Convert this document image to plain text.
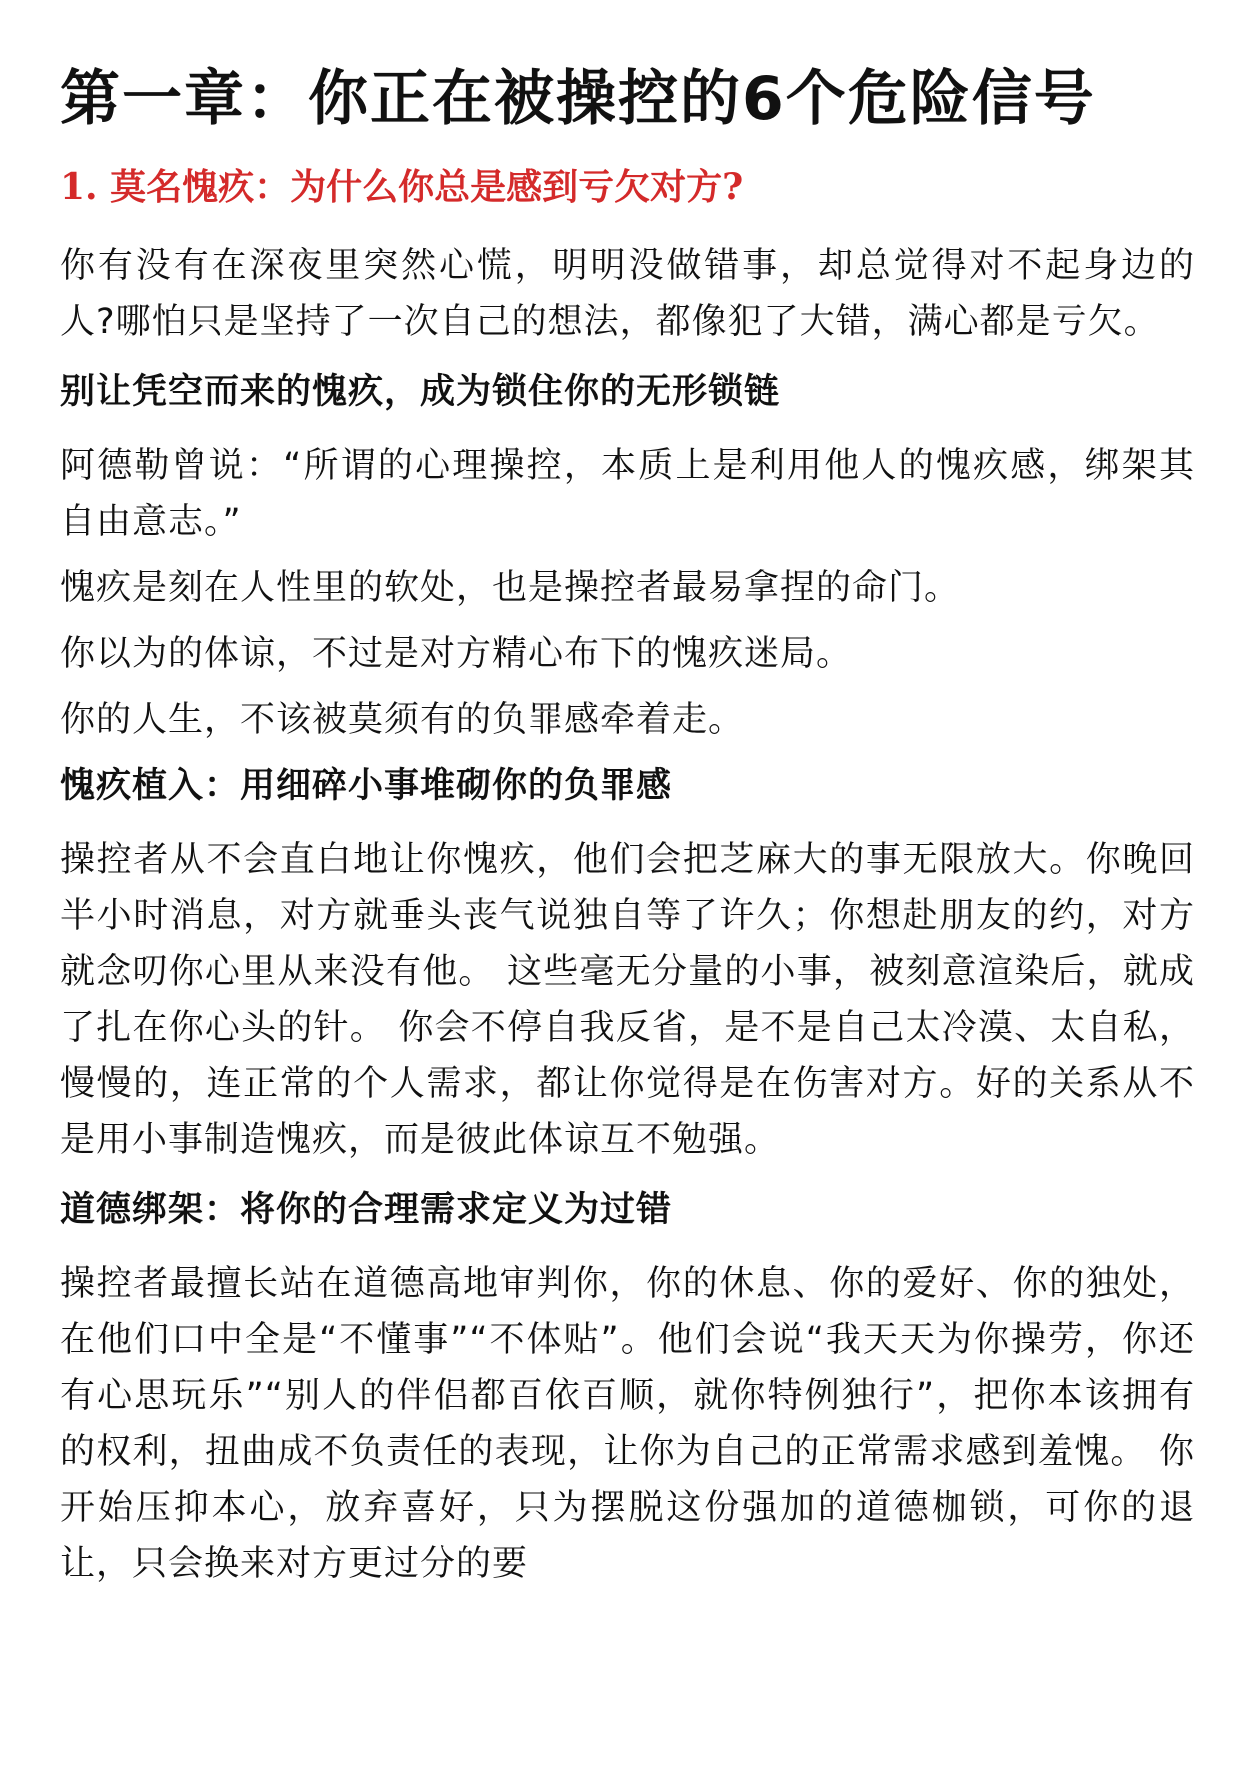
第一章：你正在被操控的6个危险信号
1. 莫名愧疚：为什么你总是感到亏欠对方?

你有没有在深夜里突然心慌，明明没做错事，却总觉得对不起身边的人?哪怕只是坚持了一次自己的想法，都像犯了大错，满心都是亏欠。

别让凭空而来的愧疚，成为锁住你的无形锁链

阿德勒曾说：“所谓的心理操控，本质上是利用他人的愧疚感，绑架其自由意志。”

愧疚是刻在人性里的软处，也是操控者最易拿捏的命门。

你以为的体谅，不过是对方精心布下的愧疚迷局。

你的人生，不该被莫须有的负罪感牵着走。

愧疚植入：用细碎小事堆砌你的负罪感

操控者从不会直白地让你愧疚，他们会把芝麻大的事无限放大。你晚回半小时消息，对方就垂头丧气说独自等了许久；你想赴朋友的约，对方就念叨你心里从来没有他。 这些毫无分量的小事，被刻意渲染后，就成了扎在你心头的针。 你会不停自我反省，是不是自己太冷漠、太自私，慢慢的，连正常的个人需求，都让你觉得是在伤害对方。好的关系从不是用小事制造愧疚，而是彼此体谅互不勉强。

道德绑架：将你的合理需求定义为过错

操控者最擅长站在道德高地审判你，你的休息、你的爱好、你的独处，在他们口中全是“不懂事”“不体贴”。他们会说“我天天为你操劳，你还有心思玩乐”“别人的伴侣都百依百顺，就你特例独行”，把你本该拥有的权利，扭曲成不负责任的表现，让你为自己的正常需求感到羞愧。 你开始压抑本心，放弃喜好，只为摆脱这份强加的道德枷锁，可你的退让，只会换来对方更过分的要
